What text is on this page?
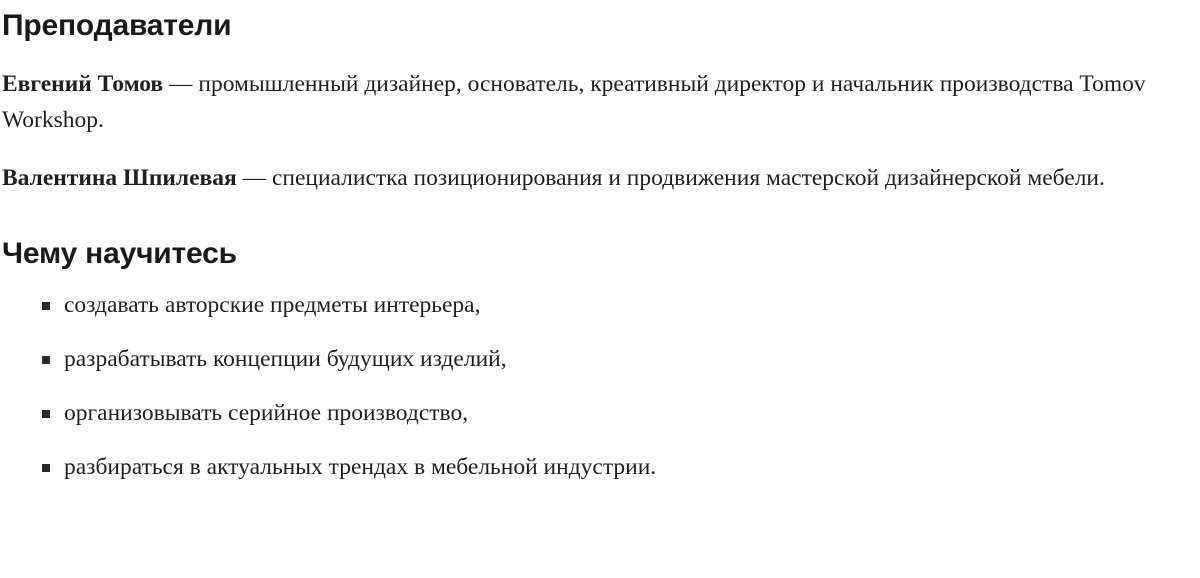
Преподаватели

Евгений Томов — промышленный дизайнер, основатель, креативный директор и начальник производства Tomov Workshop.

Валентина Шпилевая — специалистка позиционирования и продвижения мастерской дизайнерской мебели.

Чему научитесь
создавать авторские предметы интерьера,
разрабатывать концепции будущих изделий,
организовывать серийное производство,
разбираться в актуальных трендах в мебельной индустрии.
